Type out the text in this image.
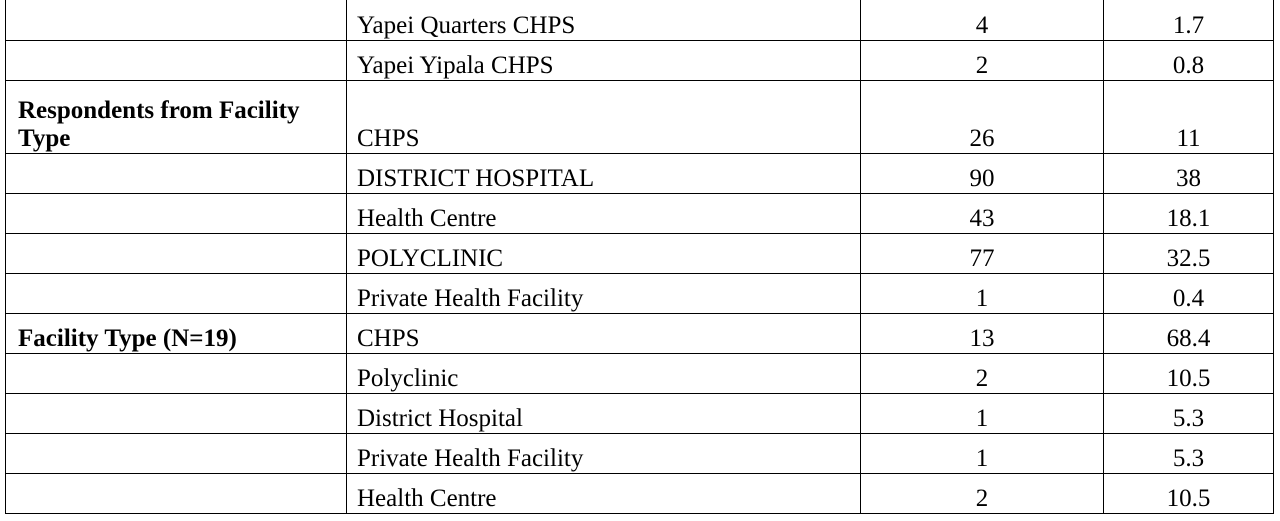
	Yapei Quarters CHPS	4	1.7
	Yapei Yipala CHPS	2	0.8
Respondents from Facility Type	CHPS	26	11
	DISTRICT HOSPITAL	90	38
	Health Centre	43	18.1
	POLYCLINIC	77	32.5
	Private Health Facility	1	0.4
Facility Type (N=19)	CHPS	13	68.4
	Polyclinic	2	10.5
	District Hospital	1	5.3
	Private Health Facility	1	5.3
	Health Centre	2	10.5
